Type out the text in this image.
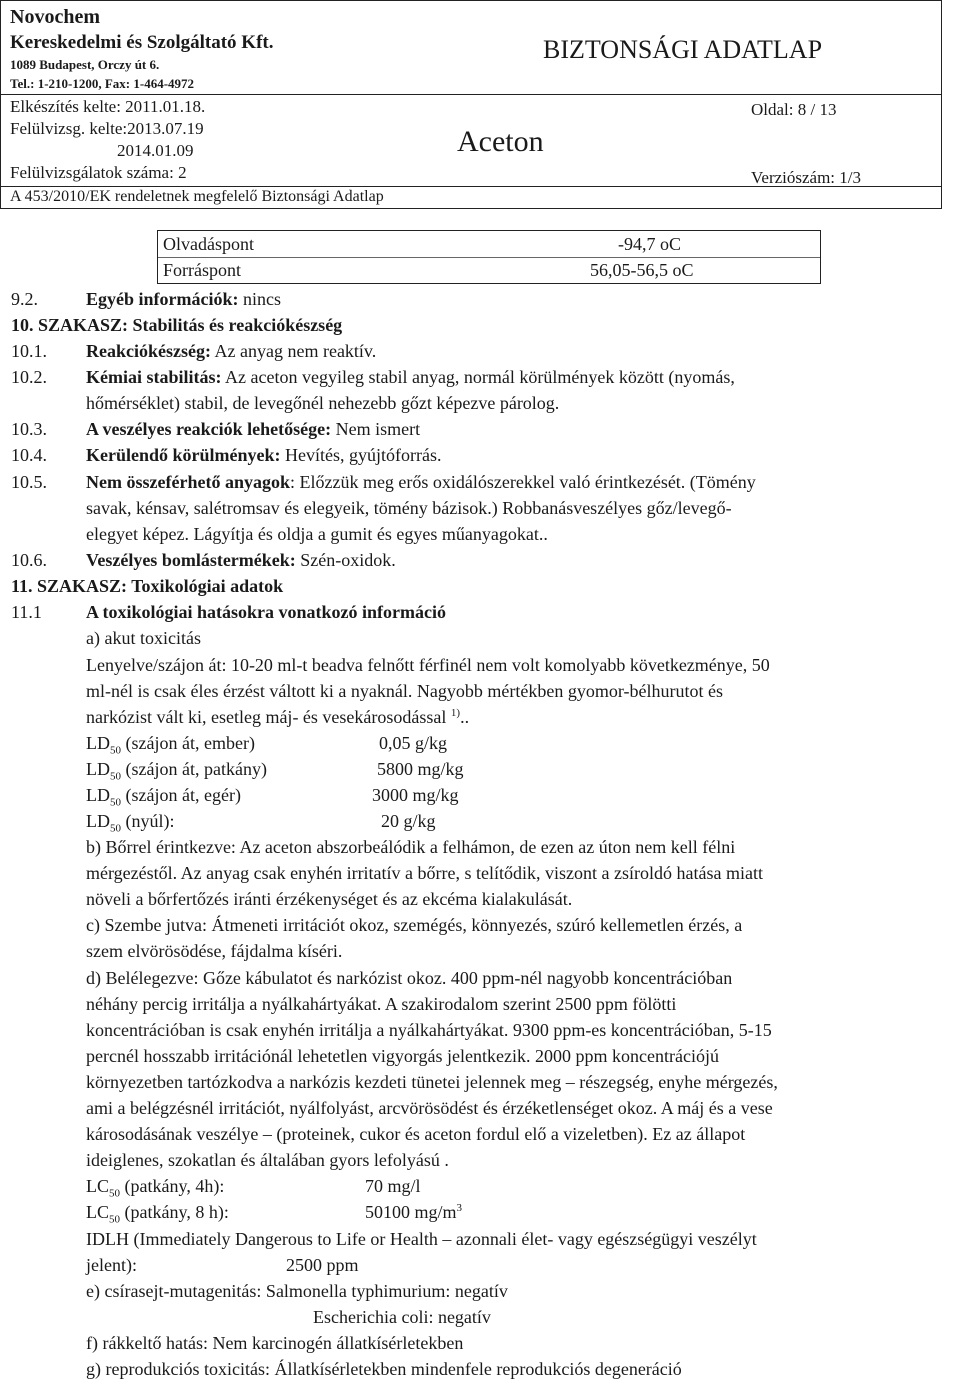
Novochem
Kereskedelmi és Szolgáltató Kft.
1089 Budapest, Orczy út 6.
Tel.: 1-210-1200, Fax: 1-464-4972
BIZTONSÁGI ADATLAP
Elkészítés kelte: 2011.01.18.
Felülvizsg. kelte:2013.07.19
2014.01.09
Felülvizsgálatok száma: 2
Aceton
Oldal: 8 / 13
Verziószám: 1/3
A 453/2010/EK rendeletnek megfelelő Biztonsági Adatlap
Olvadáspont	-94,7 oC
Forráspont	56,05-56,5 oC
9.2.	Egyéb információk: nincs
10. SZAKASZ: Stabilitás és reakciókészség
10.1. Reakciókészség: Az anyag nem reaktív.
10.2. Kémiai stabilitás: Az aceton vegyileg stabil anyag, normál körülmények között (nyomás,
hőmérséklet) stabil, de levegőnél nehezebb gőzt képezve párolog.
10.3. A veszélyes reakciók lehetősége: Nem ismert
10.4. Kerülendő körülmények: Hevítés, gyújtóforrás.
10.5. Nem összeférhető anyagok: Előzzük meg erős oxidálószerekkel való érintkezését. (Tömény
savak, kénsav, salétromsav és elegyeik, tömény bázisok.) Robbanásveszélyes gőz/levegő-
elegyet képez. Lágyítja és oldja a gumit és egyes műanyagokat..
10.6. Veszélyes bomlástermékek: Szén-oxidok.
11. SZAKASZ: Toxikológiai adatok
11.1 A toxikológiai hatásokra vonatkozó információ
a) akut toxicitás
Lenyelve/szájon át: 10-20 ml-t beadva felnőtt férfinél nem volt komolyabb következménye, 50
ml-nél is csak éles érzést váltott ki a nyaknál. Nagyobb mértékben gyomor-bélhurutot és
narkózist vált ki, esetleg máj- és vesekárosodással $^{1)}$..
$LD_{50}$ (szájon át, ember)	0,05 g/kg
$LD_{50}$ (szájon át, patkány)	5800 mg/kg
$LD_{50}$ (szájon át, egér)	3000 mg/kg
$LD_{50}$ (nyúl):	20 g/kg
b) Bőrrel érintkezve: Az aceton abszorbeálódik a felhámon, de ezen az úton nem kell félni
mérgezéstől. Az anyag csak enyhén irritatív a bőrre, s telítődik, viszont a zsíroldó hatása miatt
növeli a bőrfertőzés iránti érzékenységet és az ekcéma kialakulását.
c) Szembe jutva: Átmeneti irritációt okoz, szemégés, könnyezés, szúró kellemetlen érzés, a
szem elvörösödése, fájdalma kíséri.
d) Belélegezve: Gőze kábulatot és narkózist okoz. 400 ppm-nél nagyobb koncentrációban
néhány percig irritálja a nyálkahártyákat. A szakirodalom szerint 2500 ppm fölötti
koncentrációban is csak enyhén irritálja a nyálkahártyákat. 9300 ppm-es koncentrációban, 5-15
percnél hosszabb irritációnál lehetetlen vigyorgás jelentkezik. 2000 ppm koncentrációjú
környezetben tartózkodva a narkózis kezdeti tünetei jelennek meg – részegség, enyhe mérgezés,
ami a belégzésnél irritációt, nyálfolyást, arcvörösödést és érzéketlenséget okoz. A máj és a vese
károsodásának veszélye – (proteinek, cukor és aceton fordul elő a vizeletben). Ez az állapot
ideiglenes, szokatlan és általában gyors lefolyású .
$LC_{50}$ (patkány, 4h):	70 mg/l
$LC_{50}$ (patkány, 8 h):	50100 $mg/m^3$
IDLH (Immediately Dangerous to Life or Health – azonnali élet- vagy egészségügyi veszélyt
jelent):	2500 ppm
e) csírasejt-mutagenitás: Salmonella typhimurium: negatív
Escherichia coli: negatív
f) rákkeltő hatás: Nem karcinogén állatkísérletekben
g) reprodukciós toxicitás: Állatkísérletekben mindenfele reprodukciós degeneráció
